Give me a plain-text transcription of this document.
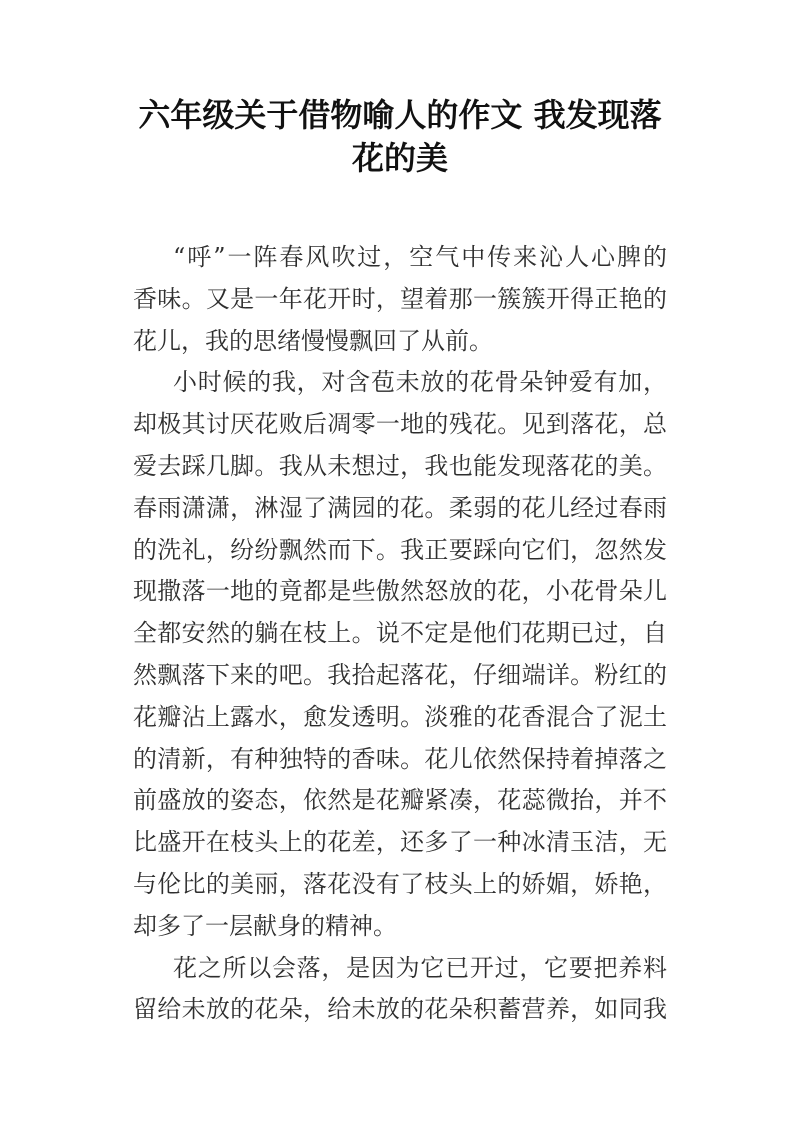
六年级关于借物喻人的作文 我发现落
花的美

“呼”一阵春风吹过，空气中传来沁人心脾的
香味。又是一年花开时，望着那一簇簇开得正艳的
花儿，我的思绪慢慢飘回了从前。

小时候的我，对含苞未放的花骨朵钟爱有加，
却极其讨厌花败后凋零一地的残花。见到落花，总
爱去踩几脚。我从未想过，我也能发现落花的美。
春雨潇潇，淋湿了满园的花。柔弱的花儿经过春雨
的洗礼，纷纷飘然而下。我正要踩向它们，忽然发
现撒落一地的竟都是些傲然怒放的花，小花骨朵儿
全都安然的躺在枝上。说不定是他们花期已过，自
然飘落下来的吧。我拾起落花，仔细端详。粉红的
花瓣沾上露水，愈发透明。淡雅的花香混合了泥土
的清新，有种独特的香味。花儿依然保持着掉落之
前盛放的姿态，依然是花瓣紧凑，花蕊微抬，并不
比盛开在枝头上的花差，还多了一种冰清玉洁，无
与伦比的美丽，落花没有了枝头上的娇媚，娇艳，
却多了一层献身的精神。

花之所以会落，是因为它已开过，它要把养料
留给未放的花朵，给未放的花朵积蓄营养，如同我
